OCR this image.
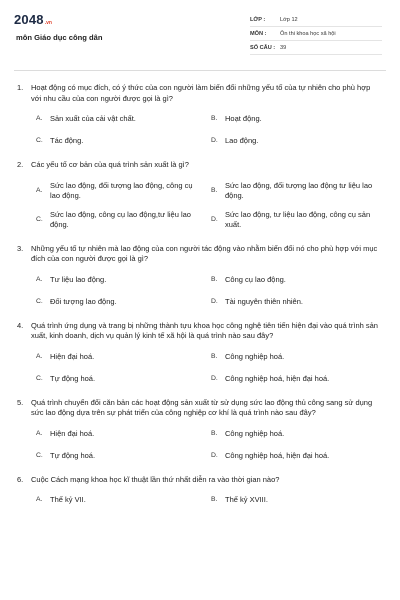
2048 .vn
môn Giáo dục công dân
LỚP :	Lớp 12
MÔN :	Ôn thi khoa học xã hội
SỐ CÂU : 39
1.	Hoạt động có mục đích, có ý thức của con người làm biến đổi những yếu tố của tự nhiên cho phù hợp với nhu cầu của con người được gọi là gì?
A.	Sản xuất của cải vật chất.	B.	Hoạt động.
C. Tác động.	D. Lao động.
2.	Các yếu tố cơ bản của quá trình sản xuất là gì?
A.
Sức lao động, đối tượng lao động, công cụ lao động.
B.
Sức lao động, đối tượng lao động tư liệu lao động.
C.
Sức lao động, công cụ lao động,tư liệu lao động.
D.
Sức lao động, tư liệu lao động, công cụ sản xuất.
3.	Những yếu tố tự nhiên mà lao động của con người tác động vào nhằm biến đổi nó cho phù hợp với mục đích của con người được gọi là gì?
A.	Tư liệu lao động.	B.	Công cụ lao động.
C. Đối tượng lao động.	D. Tài nguyên thiên nhiên.
4.	Quá trình ứng dụng và trang bị những thành tựu khoa học công nghệ tiên tiến hiện đại vào quá trình sản xuất, kinh doanh, dịch vụ quản lý kinh tế xã hội là quá trình nào sau đây?
A.	Hiện đại hoá.	B.	Công nghiệp hoá.
C. Tự động hoá.	D. Công nghiệp hoá, hiện đại hoá.
5.	Quá trình chuyển đổi căn bản các hoạt động sản xuất từ sử dụng sức lao động thủ công sang sử dụng sức lao động dựa trên sự phát triển của công nghiệp cơ khí là quá trình nào sau đây?
A.	Hiện đại hoá.	B.	Công nghiệp hoá.
C. Tự động hoá.	D. Công nghiệp hoá, hiện đại hoá.
6.	Cuộc Cách mạng khoa học kĩ thuật lần thứ nhất diễn ra vào thời gian nào?
A.	Thế kỷ VII.	B.	Thế kỷ XVIII.
